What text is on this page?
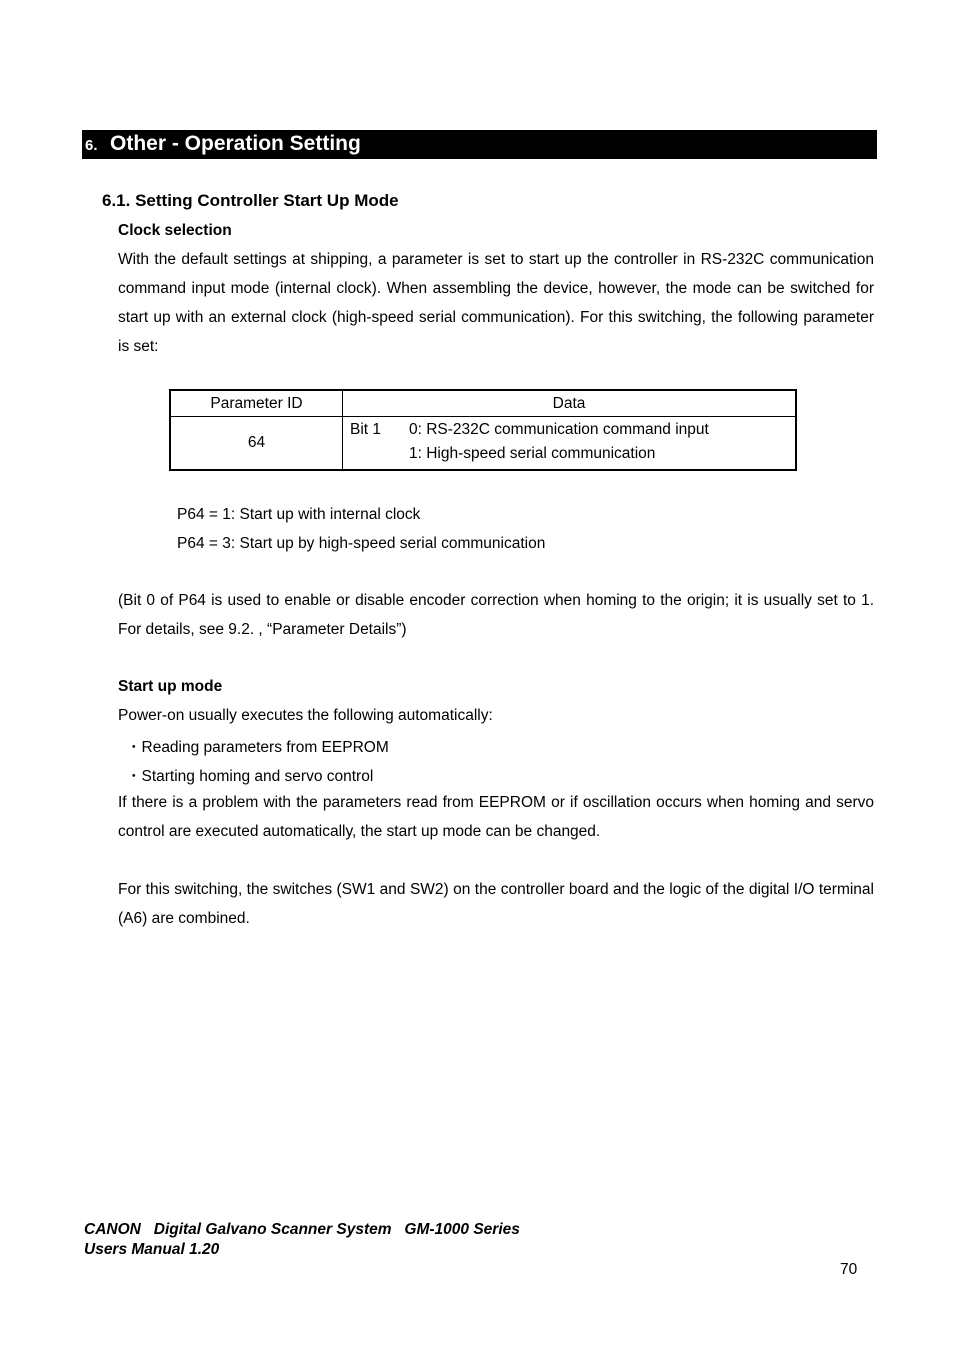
6. Other - Operation Setting
6.1. Setting Controller Start Up Mode
Clock selection
With the default settings at shipping, a parameter is set to start up the controller in RS-232C communication command input mode (internal clock). When assembling the device, however, the mode can be switched for start up with an external clock (high-speed serial communication). For this switching, the following parameter is set:
Parameter ID	Data
64	Bit 1 0: RS-232C communication command input
1: High-speed serial communication
P64 = 1: Start up with internal clock
P64 = 3: Start up by high-speed serial communication
(Bit 0 of P64 is used to enable or disable encoder correction when homing to the origin; it is usually set to 1. For details, see 9.2. , “Parameter Details”)
Start up mode
Power-on usually executes the following automatically:
・Reading parameters from EEPROM
・Starting homing and servo control
If there is a problem with the parameters read from EEPROM or if oscillation occurs when homing and servo control are executed automatically, the start up mode can be changed.
For this switching, the switches (SW1 and SW2) on the controller board and the logic of the digital I/O terminal (A6) are combined.
CANON   Digital Galvano Scanner System   GM-1000 Series
Users Manual 1.20
70
